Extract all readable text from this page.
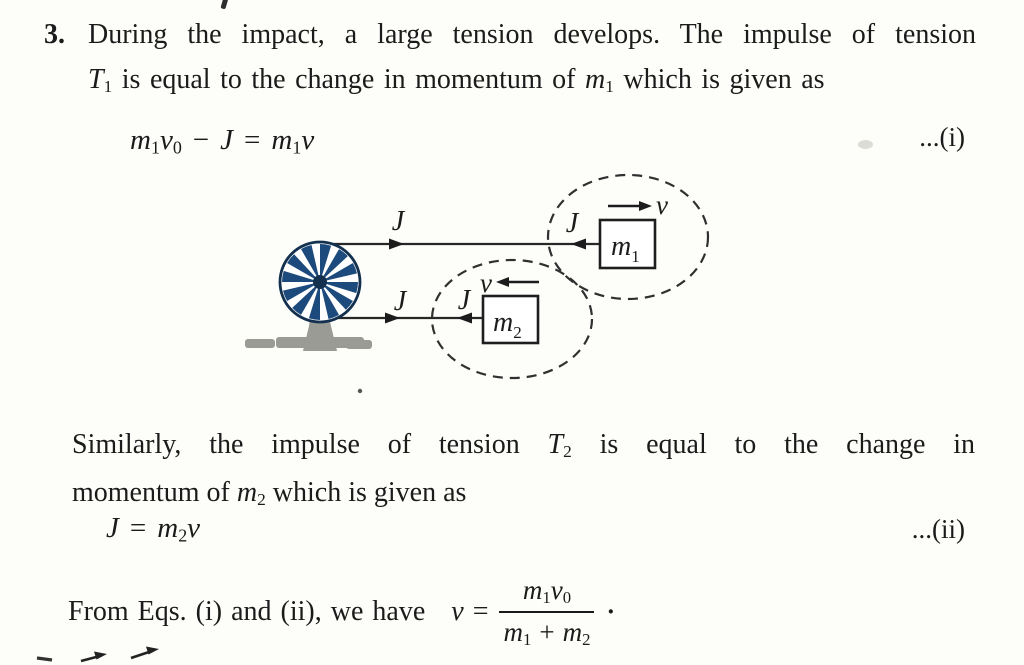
3. During the impact, a large tension develops. The impulse of tension
T1 is equal to the change in momentum of m1 which is given as
m1v0 − J = m1v	...(i)
$m_1$
$m_2$
J	J
J J
v
v
Similarly, the impulse of tension T2 is equal to the change in
momentum of m2 which is given as
J = m2v	...(ii)
From Eqs. (i) and (ii), we have $v = \frac{m1v0}{m1 + m2}$ ·
